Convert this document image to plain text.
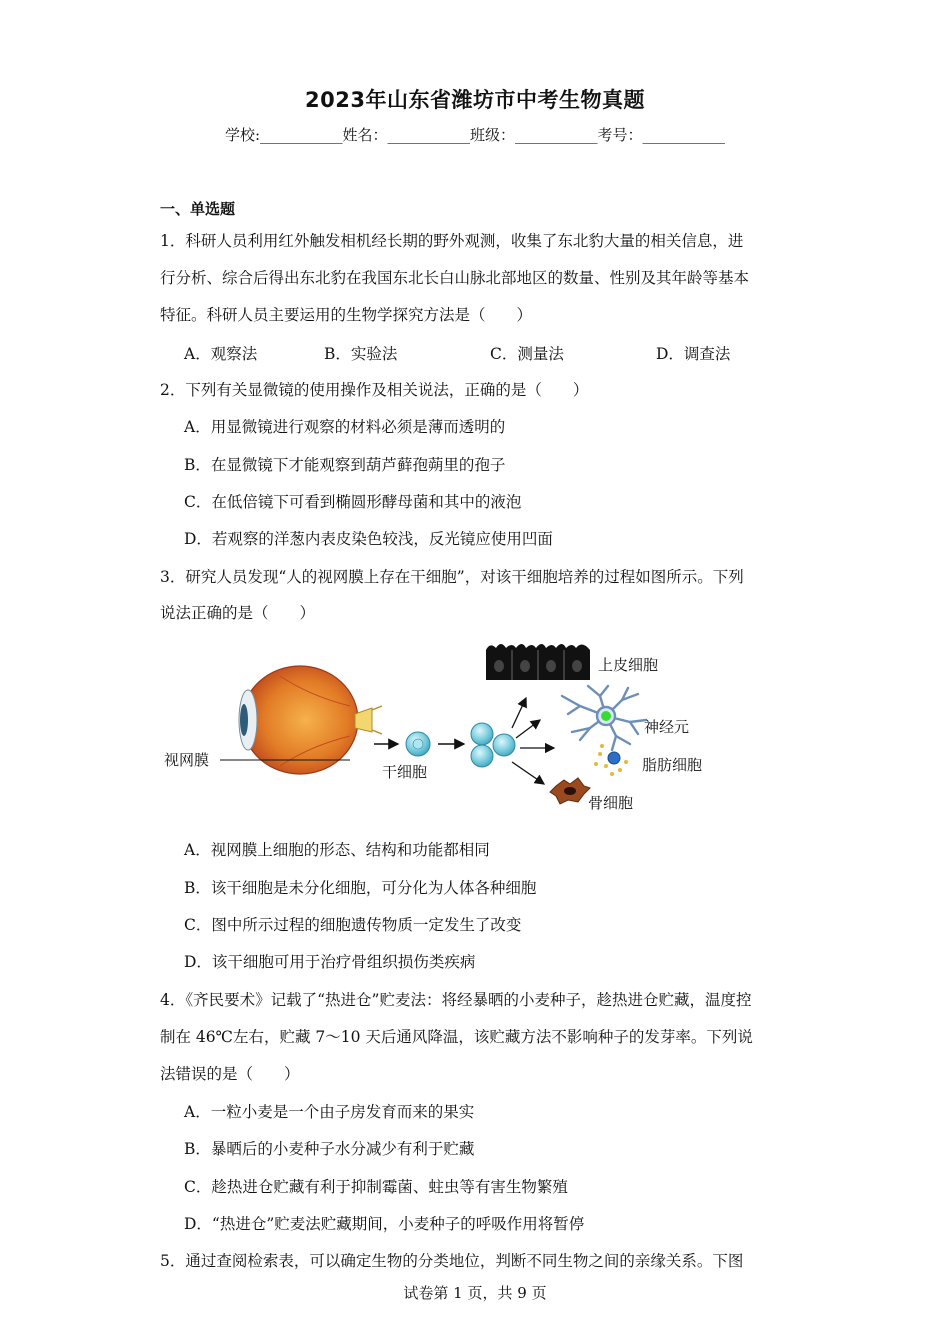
2023年山东省潍坊市中考生物真题
学校:___________姓名：___________班级：___________考号：___________
一、单选题
1．科研人员利用红外触发相机经长期的野外观测，收集了东北豹大量的相关信息，进
行分析、综合后得出东北豹在我国东北长白山脉北部地区的数量、性别及其年龄等基本
特征。科研人员主要运用的生物学探究方法是（　　）
A．观察法	B．实验法	C．测量法	D．调查法
2．下列有关显微镜的使用操作及相关说法，正确的是（　　）
A．用显微镜进行观察的材料必须是薄而透明的
B．在显微镜下才能观察到葫芦藓孢蒴里的孢子
C．在低倍镜下可看到椭圆形酵母菌和其中的液泡
D．若观察的洋葱内表皮染色较浅，反光镜应使用凹面
3．研究人员发现“人的视网膜上存在干细胞”，对该干细胞培养的过程如图所示。下列
说法正确的是（　　）
视网膜
干细胞
上皮细胞
神经元
脂肪细胞
骨细胞
A．视网膜上细胞的形态、结构和功能都相同
B．该干细胞是未分化细胞，可分化为人体各种细胞
C．图中所示过程的细胞遗传物质一定发生了改变
D．该干细胞可用于治疗骨组织损伤类疾病
4．《齐民要术》记载了“热进仓”贮麦法：将经暴晒的小麦种子，趁热进仓贮藏，温度控
制在 46℃左右，贮藏 7～10 天后通风降温，该贮藏方法不影响种子的发芽率。下列说
法错误的是（　　）
A．一粒小麦是一个由子房发育而来的果实
B．暴晒后的小麦种子水分减少有利于贮藏
C．趁热进仓贮藏有利于抑制霉菌、蛀虫等有害生物繁殖
D．“热进仓”贮麦法贮藏期间，小麦种子的呼吸作用将暂停
5．通过查阅检索表，可以确定生物的分类地位，判断不同生物之间的亲缘关系。下图
试卷第 1 页，共 9 页
